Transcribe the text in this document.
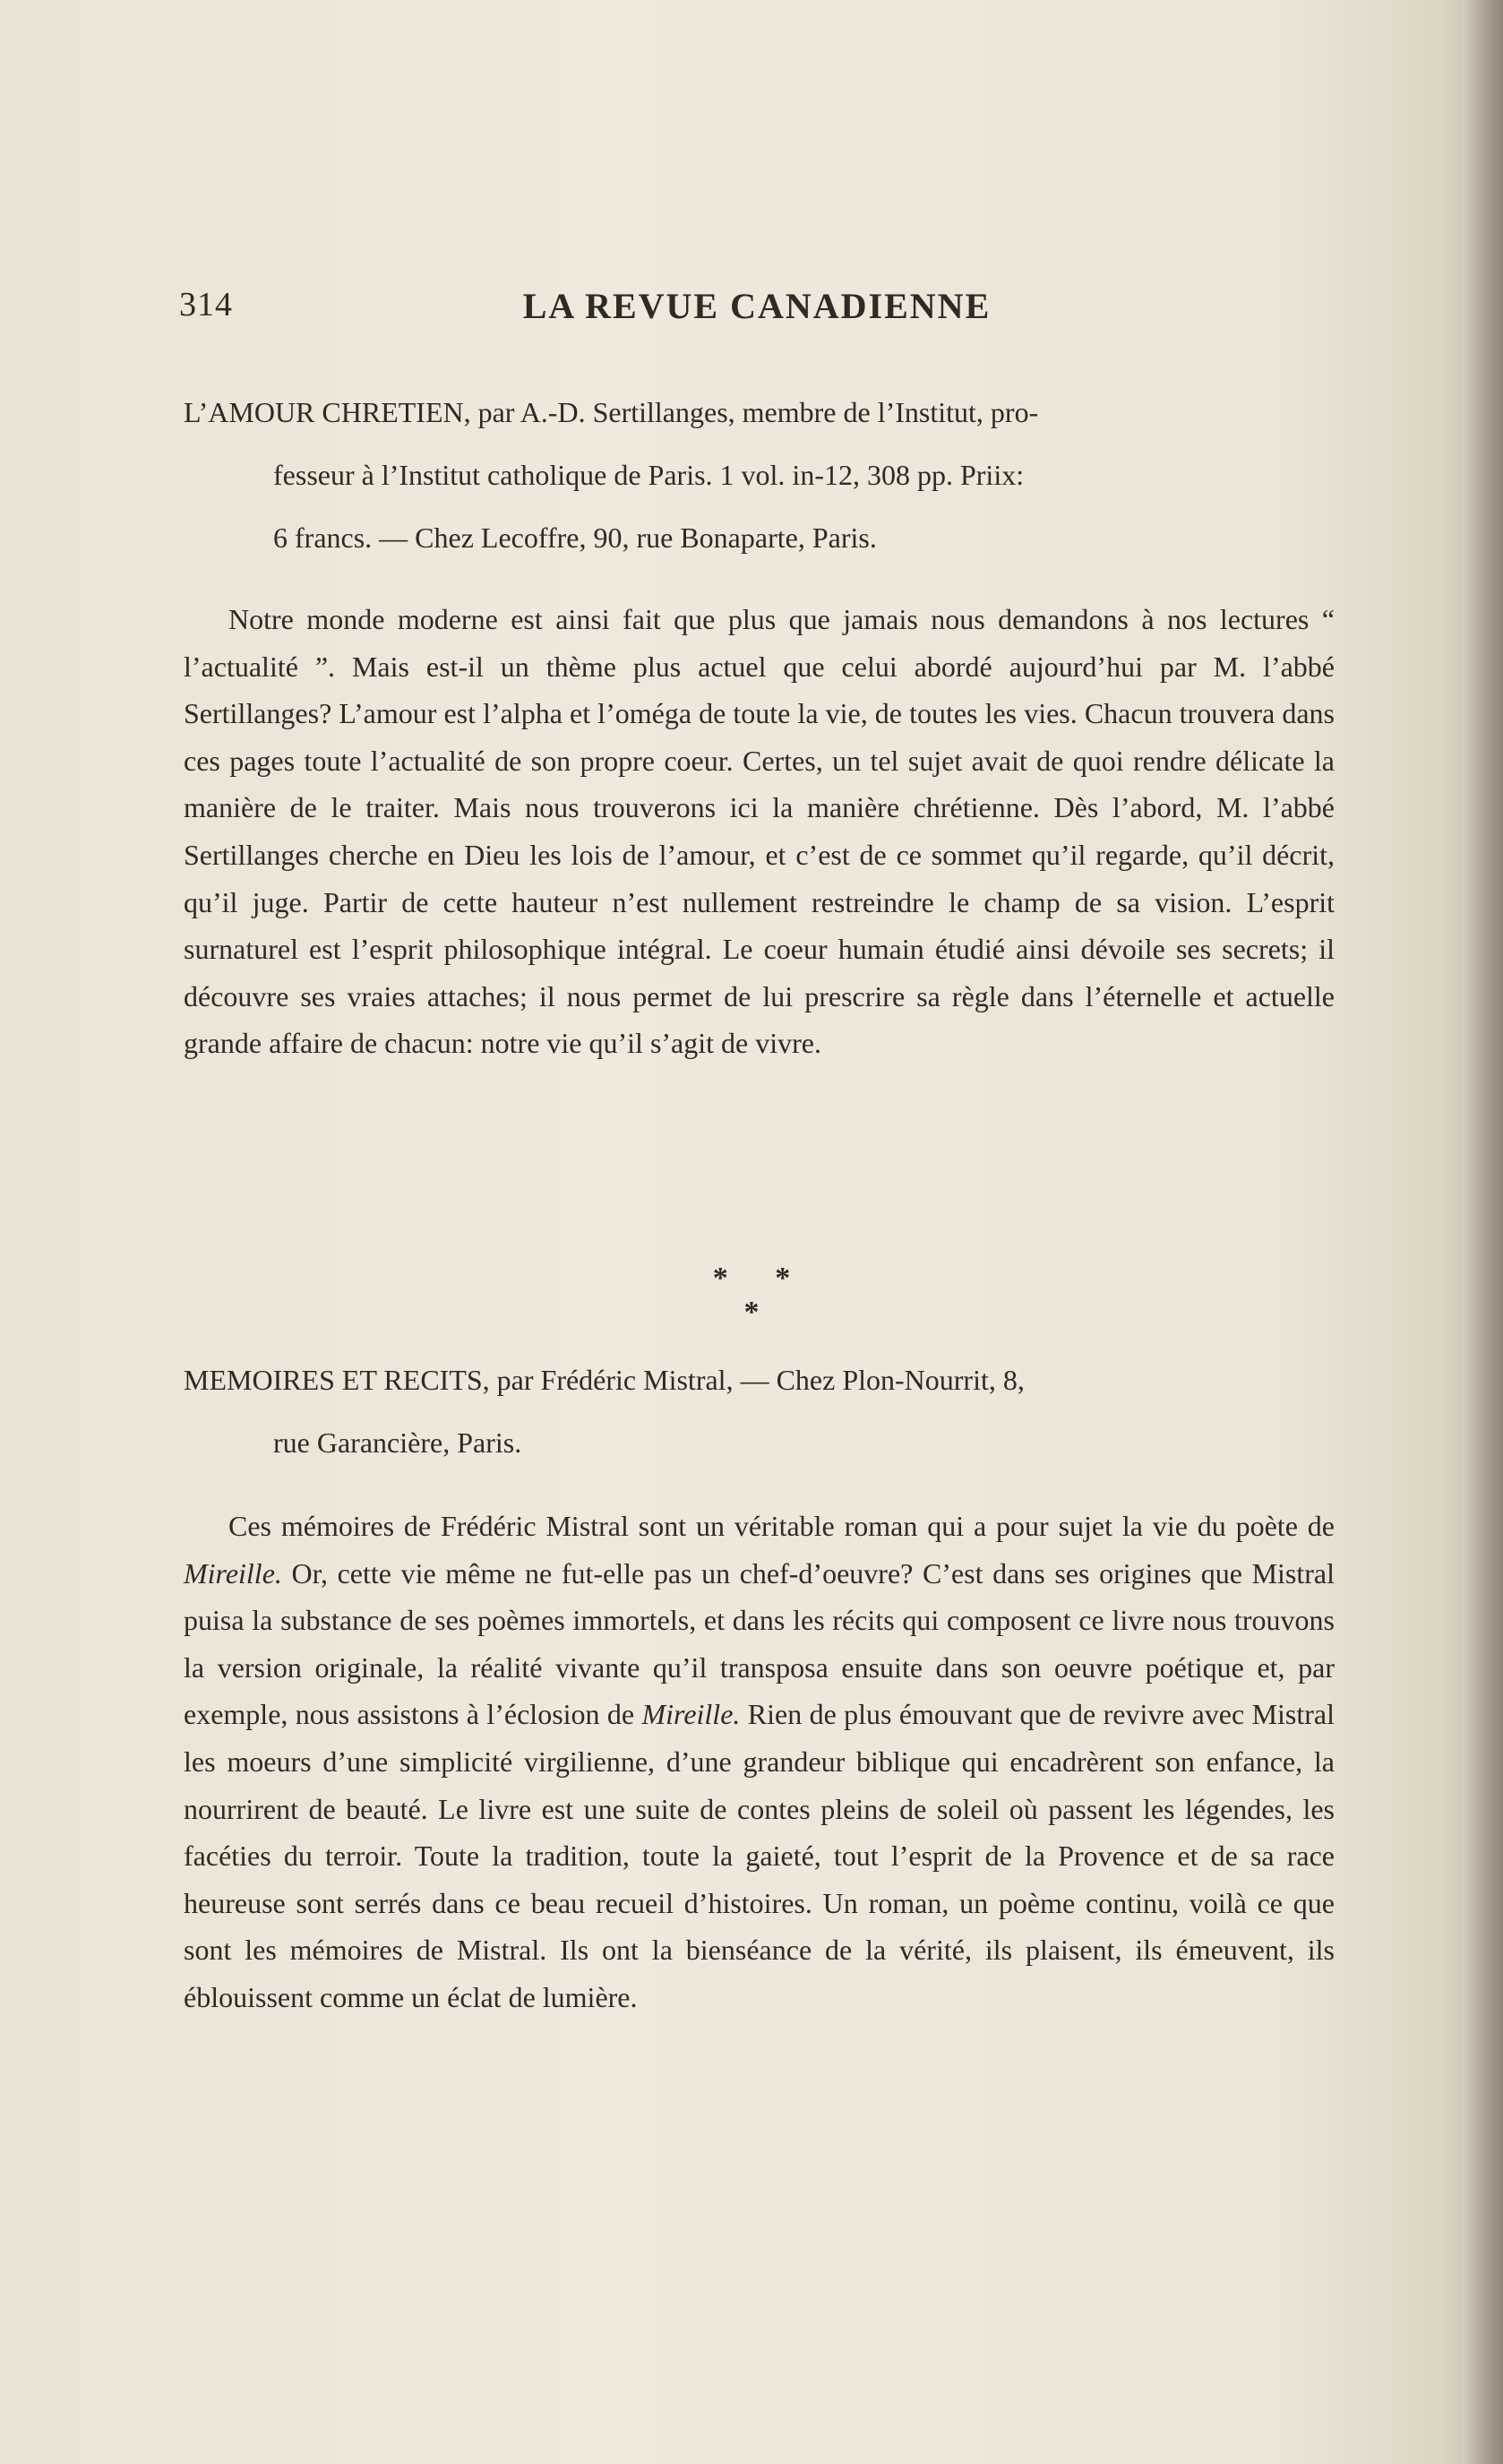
314	LA REVUE CANADIENNE
L’AMOUR CHRETIEN, par A.-D. Sertillanges, membre de l’Institut, pro-
fesseur à l’Institut catholique de Paris. 1 vol. in-12, 308 pp. Priix:
6 francs. — Chez Lecoffre, 90, rue Bonaparte, Paris.

Notre monde moderne est ainsi fait que plus que jamais nous demandons à nos lectures “ l’actualité ”. Mais est-il un thème plus actuel que celui abordé aujourd’hui par M. l’abbé Sertillanges? L’amour est l’alpha et l’oméga de toute la vie, de toutes les vies. Chacun trouvera dans ces pages toute l’actualité de son propre coeur. Certes, un tel sujet avait de quoi rendre délicate la manière de le traiter. Mais nous trouverons ici la manière chrétienne. Dès l’abord, M. l’abbé Sertillanges cherche en Dieu les lois de l’amour, et c’est de ce sommet qu’il regarde, qu’il décrit, qu’il juge. Partir de cette hauteur n’est nullement restreindre le champ de sa vision. L’esprit surnaturel est l’esprit philosophique intégral. Le coeur humain étudié ainsi dévoile ses secrets; il découvre ses vraies attaches; il nous permet de lui prescrire sa règle dans l’éternelle et actuelle grande affaire de chacun: notre vie qu’il s’agit de vivre.

* * *
MEMOIRES ET RECITS, par Frédéric Mistral, — Chez Plon-Nourrit, 8,
rue Garancière, Paris.

Ces mémoires de Frédéric Mistral sont un véritable roman qui a pour sujet la vie du poète de Mireille. Or, cette vie même ne fut-elle pas un chef-d’oeuvre? C’est dans ses origines que Mistral puisa la substance de ses poèmes immortels, et dans les récits qui composent ce livre nous trouvons la version originale, la réalité vivante qu’il transposa ensuite dans son oeuvre poétique et, par exemple, nous assistons à l’éclosion de Mireille. Rien de plus émouvant que de revivre avec Mistral les moeurs d’une simplicité virgilienne, d’une grandeur biblique qui encadrèrent son enfance, la nourrirent de beauté. Le livre est une suite de contes pleins de soleil où passent les légendes, les facéties du terroir. Toute la tradition, toute la gaieté, tout l’esprit de la Provence et de sa race heureuse sont serrés dans ce beau recueil d’histoires. Un roman, un poème continu, voilà ce que sont les mémoires de Mistral. Ils ont la bienséance de la vérité, ils plaisent, ils émeuvent, ils éblouissent comme un éclat de lumière.
